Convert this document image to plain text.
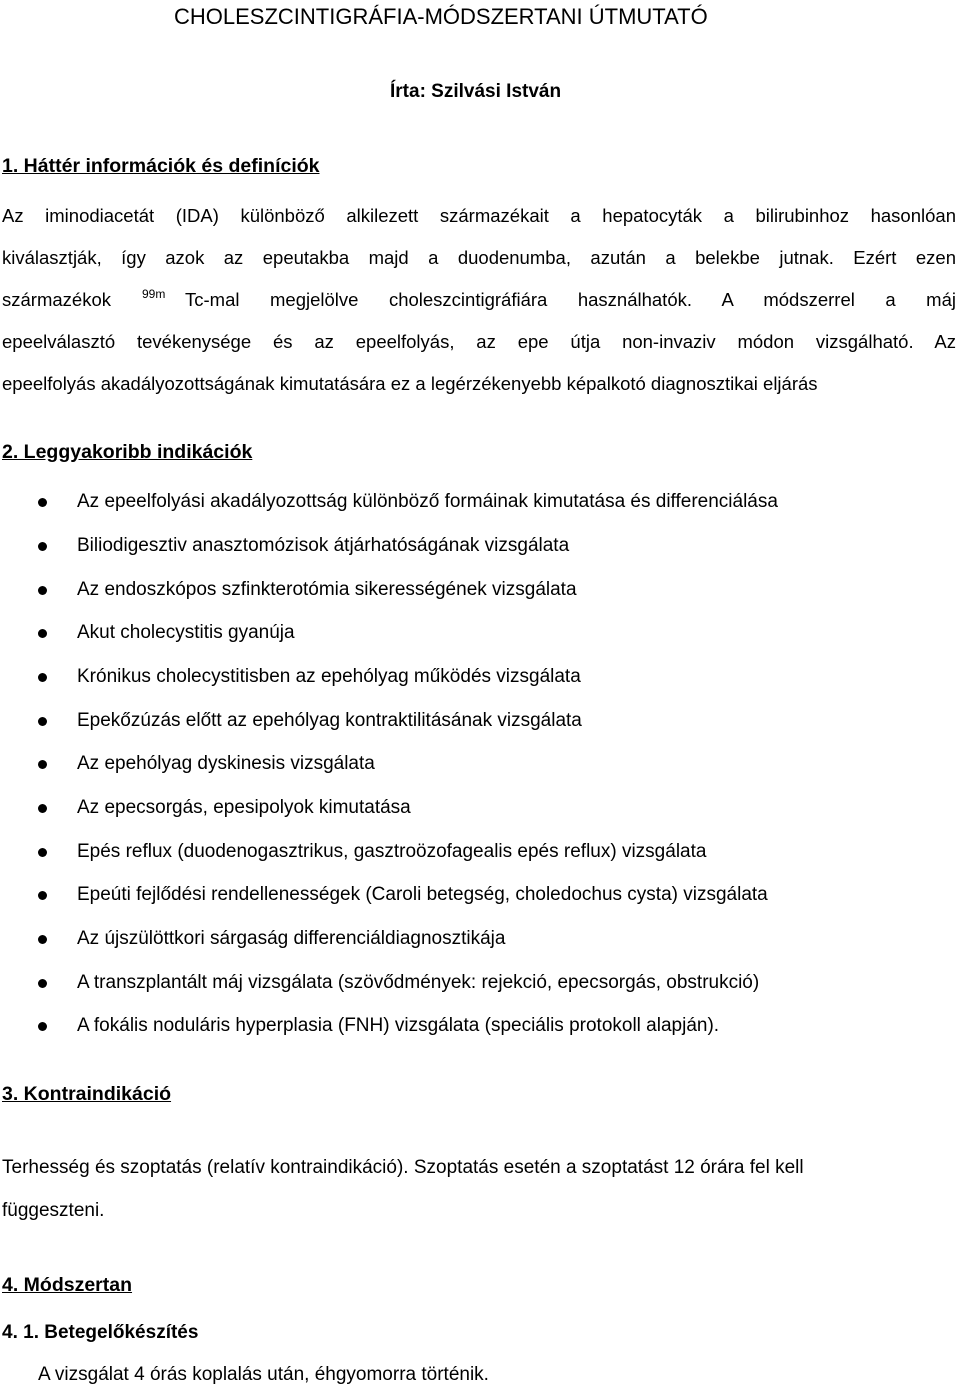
CHOLESZCINTIGRÁFIA-MÓDSZERTANI ÚTMUTATÓ
Írta: Szilvási István
1. Háttér információk és definíciók
Az iminodiacetát (IDA) különböző alkilezett származékait a hepatocyták a bilirubinhoz hasonlóan
kiválasztják, így azok az epeutakba majd a duodenumba, azután a belekbe jutnak. Ezért ezen
származékok	99m Tc-mal megjelölve choleszcintigráfiára használhatók. A módszerrel a máj
epeelválasztó tevékenysége és az epeelfolyás, az epe útja non-invaziv módon vizsgálható. Az
epeelfolyás akadályozottságának kimutatására ez a legérzékenyebb képalkotó diagnosztikai eljárás
2. Leggyakoribb indikációk
Az epeelfolyási akadályozottság különböző formáinak kimutatása és differenciálása
Biliodigesztiv anasztomózisok átjárhatóságának vizsgálata
Az endoszkópos szfinkterotómia sikerességének vizsgálata
Akut cholecystitis gyanúja
Krónikus cholecystitisben az epehólyag működés vizsgálata
Epekőzúzás előtt az epehólyag kontraktilitásának vizsgálata
Az epehólyag dyskinesis vizsgálata
Az epecsorgás, epesipolyok kimutatása
Epés reflux (duodenogasztrikus, gasztroözofagealis epés reflux) vizsgálata
Epeúti fejlődési rendellenességek (Caroli betegség, choledochus cysta) vizsgálata
Az újszülöttkori sárgaság differenciáldiagnosztikája
A transzplantált máj vizsgálata (szövődmények: rejekció, epecsorgás, obstrukció)
A fokális noduláris hyperplasia (FNH) vizsgálata (speciális protokoll alapján).
3. Kontraindikáció
Terhesség és szoptatás (relatív kontraindikáció). Szoptatás esetén a szoptatást 12 órára fel kell
függeszteni.
4. Módszertan
4. 1. Betegelőkészítés
A vizsgálat 4 órás koplalás után, éhgyomorra történik.
